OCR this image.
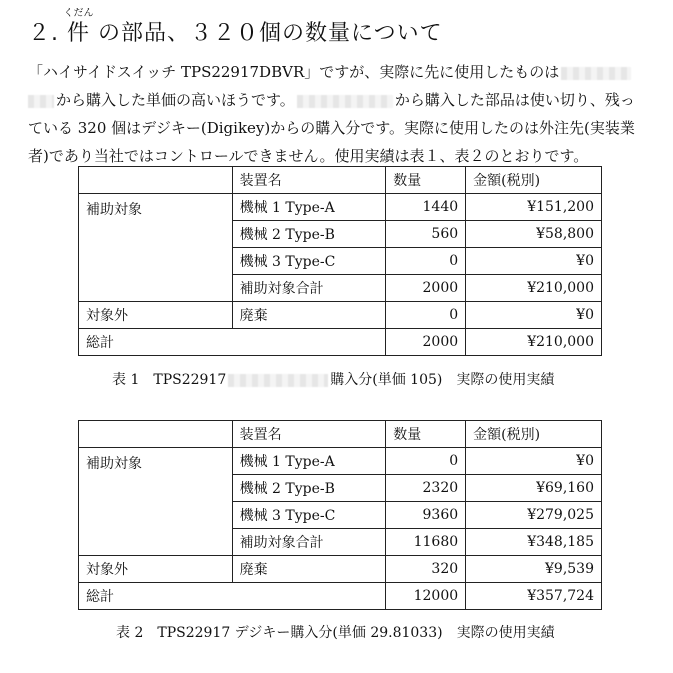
２.
くだん
件 の部品、３２０個の数量について
「ハイサイドスイッチ TPS22917DBVR」ですが、実際に先に使用したものは
から購入した単価の高いほうです。	から購入した部品は使い切り、残っ
ている 320 個はデジキー(Digikey)からの購入分です。実際に使用したのは外注先(実装業
者)であり当社ではコントロールできません。使用実績は表１、表２のとおりです。
	装置名	数量	金額(税別)
補助対象	機械 1 Type-A	1440	¥151,200
	機械 2 Type-B	560	¥58,800
	機械 3 Type-C	0	¥0
	補助対象合計	2000	¥210,000
対象外	廃棄	0	¥0
総計		2000	¥210,000
表 1　TPS22917	購入分(単価 105)　実際の使用実績
	装置名	数量	金額(税別)
補助対象	機械 1 Type-A	0	¥0
	機械 2 Type-B	2320	¥69,160
	機械 3 Type-C	9360	¥279,025
	補助対象合計	11680	¥348,185
対象外	廃棄	320	¥9,539
総計		12000	¥357,724
表 2　TPS22917 デジキー購入分(単価 29.81033)　実際の使用実績
